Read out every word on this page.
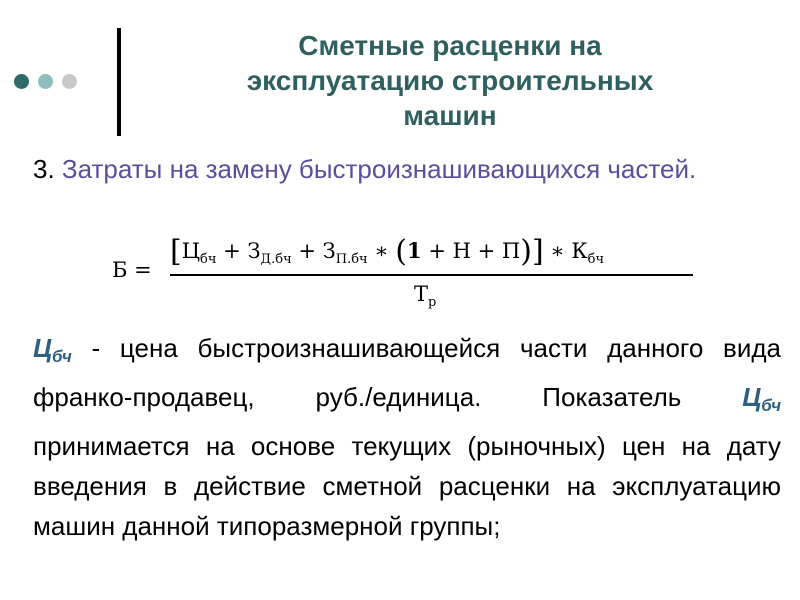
Сметные расценки на
эксплуатацию строительных
машин
3. Затраты на замену быстроизнашивающихся частей.
Б =
[$Ц_{бч} + З_{Д.бч} + З_{П.бч}$ ∗ (1 + Н + П)] ∗ $К_{бч}$
$Т_р$
$Ц_{бч}$ - цена быстроизнашивающейся части данного вида франко-продавец, руб./единица. Показатель $Ц_{бч}$ принимается на основе текущих (рыночных) цен на дату введения в действие сметной расценки на эксплуатацию машин данной типоразмерной группы;
